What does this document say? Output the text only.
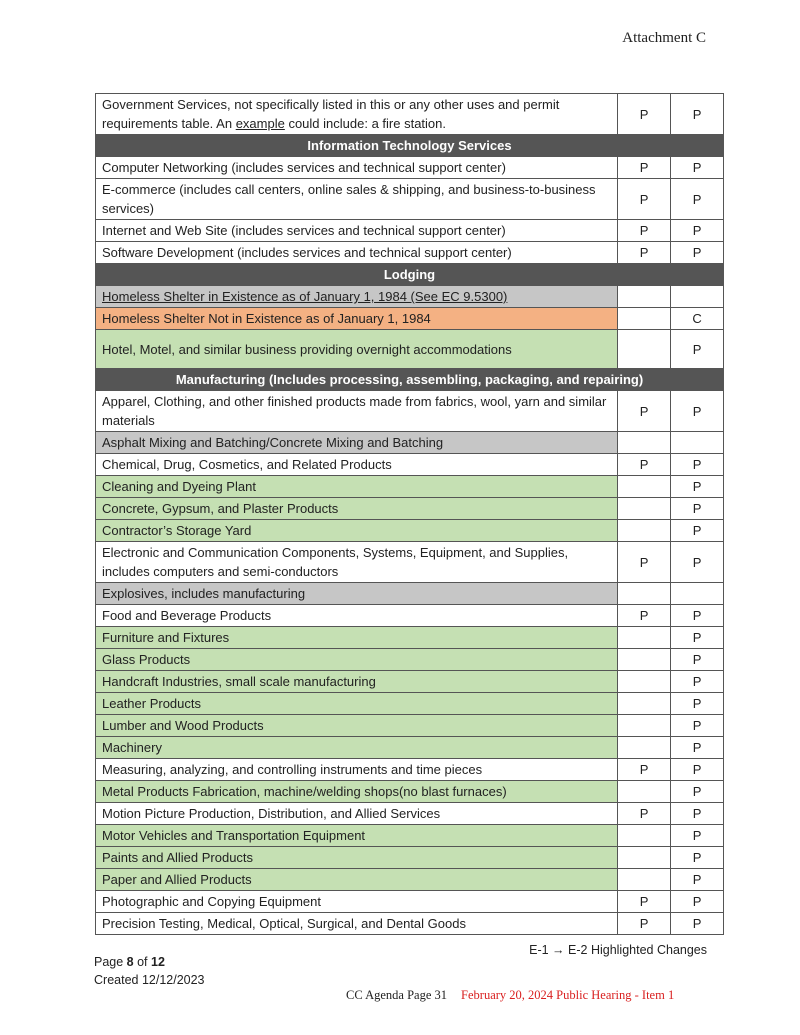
Attachment C
Government Services, not specifically listed in this or any other uses and permit requirements table. An example could include: a fire station.	P	P
Information Technology Services		
Computer Networking (includes services and technical support center)	P	P
E-commerce (includes call centers, online sales & shipping, and business-to-business services)	P	P
Internet and Web Site (includes services and technical support center)	P	P
Software Development (includes services and technical support center)	P	P
Lodging		
Homeless Shelter in Existence as of January 1, 1984 (See EC 9.5300)		
Homeless Shelter Not in Existence as of January 1, 1984		C
Hotel, Motel, and similar business providing overnight accommodations		P
Manufacturing (Includes processing, assembling, packaging, and repairing)		
Apparel, Clothing, and other finished products made from fabrics, wool, yarn and similar materials	P	P
Asphalt Mixing and Batching/Concrete Mixing and Batching		
Chemical, Drug, Cosmetics, and Related Products	P	P
Cleaning and Dyeing Plant		P
Concrete, Gypsum, and Plaster Products		P
Contractor’s Storage Yard		P
Electronic and Communication Components, Systems, Equipment, and Supplies, includes computers and semi-conductors	P	P
Explosives, includes manufacturing		
Food and Beverage Products	P	P
Furniture and Fixtures		P
Glass Products		P
Handcraft Industries, small scale manufacturing		P
Leather Products		P
Lumber and Wood Products		P
Machinery		P
Measuring, analyzing, and controlling instruments and time pieces	P	P
Metal Products Fabrication, machine/welding shops(no blast furnaces)		P
Motion Picture Production, Distribution, and Allied Services	P	P
Motor Vehicles and Transportation Equipment		P
Paints and Allied Products		P
Paper and Allied Products		P
Photographic and Copying Equipment	P	P
Precision Testing, Medical, Optical, Surgical, and Dental Goods	P	P
E-1 → E-2 Highlighted Changes
Page 8 of 12
Created 12/12/2023
CC Agenda Page 31 February 20, 2024 Public Hearing - Item 1
